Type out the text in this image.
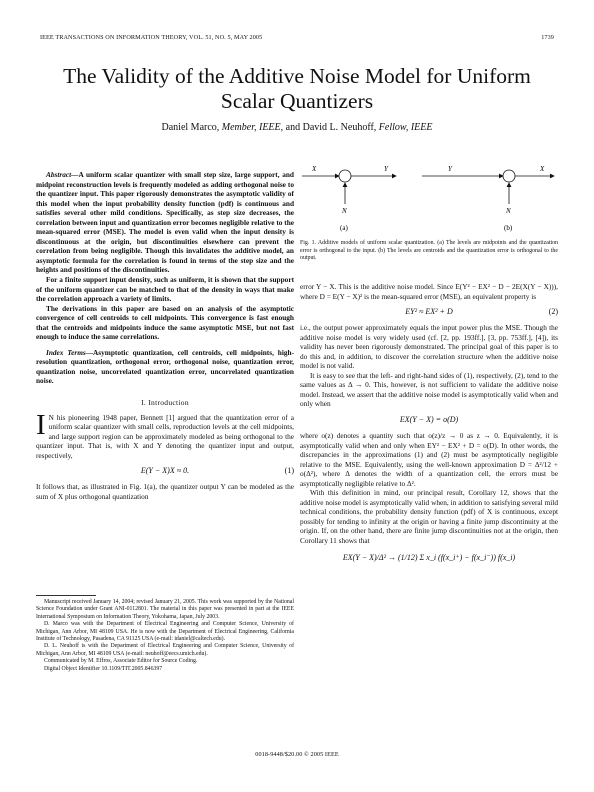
IEEE TRANSACTIONS ON INFORMATION THEORY, VOL. 51, NO. 5, MAY 2005	1739
The Validity of the Additive Noise Model for Uniform
Scalar Quantizers
Daniel Marco, Member, IEEE, and David L. Neuhoff, Fellow, IEEE

Abstract—A uniform scalar quantizer with small step size, large support, and midpoint reconstruction levels is frequently modeled as adding orthogonal noise to the quantizer input. This paper rigorously demonstrates the asymptotic validity of this model when the input probability density function (pdf) is continuous and satisfies several other mild conditions. Specifically, as step size decreases, the correlation between input and quantization error becomes negligible relative to the mean-squared error (MSE). The model is even valid when the input density is discontinuous at the origin, but discontinuities elsewhere can prevent the correlation from being negligible. Though this invalidates the additive model, an asymptotic formula for the correlation is found in terms of the step size and the heights and positions of the discontinuities.

For a finite support input density, such as uniform, it is shown that the support of the uniform quantizer can be matched to that of the density in ways that make the correlation approach a variety of limits.

The derivations in this paper are based on an analysis of the asymptotic convergence of cell centroids to cell midpoints. This convergence is fast enough that the centroids and midpoints induce the same asymptotic MSE, but not fast enough to induce the same correlations.

Index Terms—Asymptotic quantization, cell centroids, cell midpoints, high-resolution quantization, orthogonal error, orthogonal noise, quantization error, quantization noise, uncorrelated quantization error, uncorrelated quantization noise.

I. Introduction

I N his pioneering 1948 paper, Bennett [1] argued that the quantization error of a uniform scalar quantizer with small cells, reproduction levels at the cell midpoints, and large support region can be approximately modeled as being orthogonal to the quantizer input. That is, with X and Y denoting the quantizer input and output, respectively,

E(Y − X)X ≈ 0.	(1)

It follows that, as illustrated in Fig. 1(a), the quantizer output Y can be modeled as the sum of X plus orthogonal quantization

Manuscript received January 14, 2004; revised January 21, 2005. This work was supported by the National Science Foundation under Grant ANI-0112801. The material in this paper was presented in part at the IEEE International Symposium on Information Theory, Yokohama, Japan, July 2003.

D. Marco was with the Department of Electrical Engineering and Computer Science, University of Michigan, Ann Arbor, MI 48109 USA. He is now with the Department of Electrical Engineering, California Institute of Technology, Pasadena, CA 91125 USA (e-mail: idaniel@caltech.edu).

D. L. Neuhoff is with the Department of Electrical Engineering and Computer Science, University of Michigan, Ann Arbor, MI 48109 USA (e-mail: neuhoff@eecs.umich.edu).

Communicated by M. Effros, Associate Editor for Source Coding.

Digital Object Identifier 10.1109/TIT.2005.846397

X	Y
N
(a)
Y	X
N
(b)
Fig. 1. Additive models of uniform scalar quantization. (a) The levels are midpoints and the quantization error is orthogonal to the input. (b) The levels are centroids and the quantization error is orthogonal to the output.

error Y − X. This is the additive noise model. Since E(Y² − EX² − D − 2E(X(Y − X))), where D = E(Y − X)² is the mean-squared error (MSE), an equivalent property is

EY² ≈ EX² + D	(2)

i.e., the output power approximately equals the input power plus the MSE. Though the additive noise model is very widely used (cf. [2, pp. 193ff.], [3, pp. 753ff.], [4]), its validity has never been rigorously demonstrated. The principal goal of this paper is to do this and, in addition, to discover the correlation structure when the additive noise model is not valid.

It is easy to see that the left- and right-hand sides of (1), respectively, (2), tend to the same values as Δ → 0. This, however, is not sufficient to validate the additive noise model. Instead, we assert that the additive noise model is asymptotically valid when and only when

EX(Y − X) = o(D)

where o(z) denotes a quantity such that o(z)/z → 0 as z → 0. Equivalently, it is asymptotically valid when and only when EY² − EX² + D = o(D). In other words, the discrepancies in the approximations (1) and (2) must be asymptotically negligible relative to the MSE. Equivalently, using the well-known approximation D = Δ²/12 + o(Δ²), where Δ denotes the width of a quantization cell, the errors must be asymptotically negligible relative to Δ².

With this definition in mind, our principal result, Corollary 12, shows that the additive noise model is asymptotically valid when, in addition to satisfying several mild technical conditions, the probability density function (pdf) of X is continuous, except possibly for tending to infinity at the origin or having a finite jump discontinuity at the origin. If, on the other hand, there are finite jump discontinuities not at the origin, then Corollary 11 shows that

EX(Y − X)/Δ² → (1/12) Σ x_i (f(x_i⁺) − f(x_i⁻)) f(x_i)
0018-9448/$20.00 © 2005 IEEE
